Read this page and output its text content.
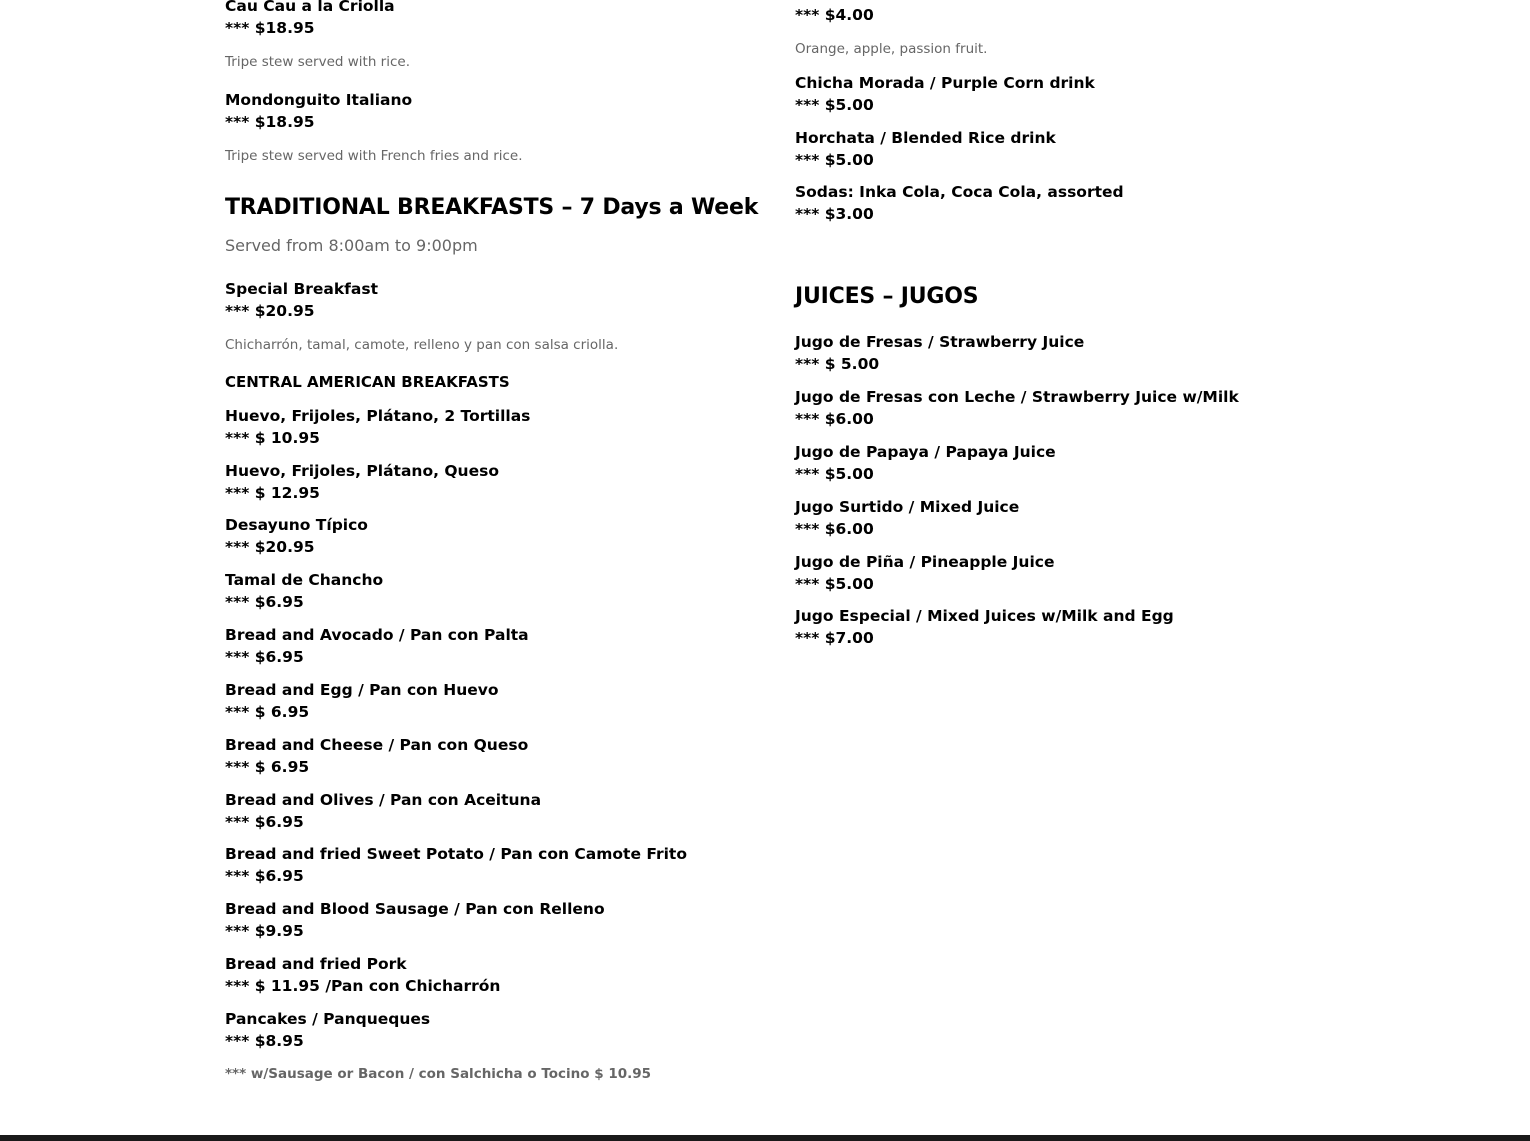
Cau Cau a la Criolla
*** $18.95
Tripe stew served with rice.
Mondonguito Italiano
*** $18.95
Tripe stew served with French fries and rice.
TRADITIONAL BREAKFASTS – 7 Days a Week
Served from 8:00am to 9:00pm
Special Breakfast
*** $20.95
Chicharrón, tamal, camote, relleno y pan con salsa criolla.
CENTRAL AMERICAN BREAKFASTS
Huevo, Frijoles, Plátano, 2 Tortillas
*** $ 10.95
Huevo, Frijoles, Plátano, Queso
*** $ 12.95
Desayuno Típico
*** $20.95
Tamal de Chancho
*** $6.95
Bread and Avocado / Pan con Palta
*** $6.95
Bread and Egg / Pan con Huevo
*** $ 6.95
Bread and Cheese / Pan con Queso
*** $ 6.95
Bread and Olives / Pan con Aceituna
*** $6.95
Bread and fried Sweet Potato / Pan con Camote Frito
*** $6.95
Bread and Blood Sausage / Pan con Relleno
*** $9.95
Bread and fried Pork
*** $ 11.95 /Pan con Chicharrón
Pancakes / Panqueques
*** $8.95
*** w/Sausage or Bacon / con Salchicha o Tocino $ 10.95
*** $4.00
Orange, apple, passion fruit.
Chicha Morada / Purple Corn drink
*** $5.00
Horchata / Blended Rice drink
*** $5.00
Sodas: Inka Cola, Coca Cola, assorted
*** $3.00
JUICES – JUGOS
Jugo de Fresas / Strawberry Juice
*** $ 5.00
Jugo de Fresas con Leche / Strawberry Juice w/Milk
*** $6.00
Jugo de Papaya / Papaya Juice
*** $5.00
Jugo Surtido / Mixed Juice
*** $6.00
Jugo de Piña / Pineapple Juice
*** $5.00
Jugo Especial / Mixed Juices w/Milk and Egg
*** $7.00
